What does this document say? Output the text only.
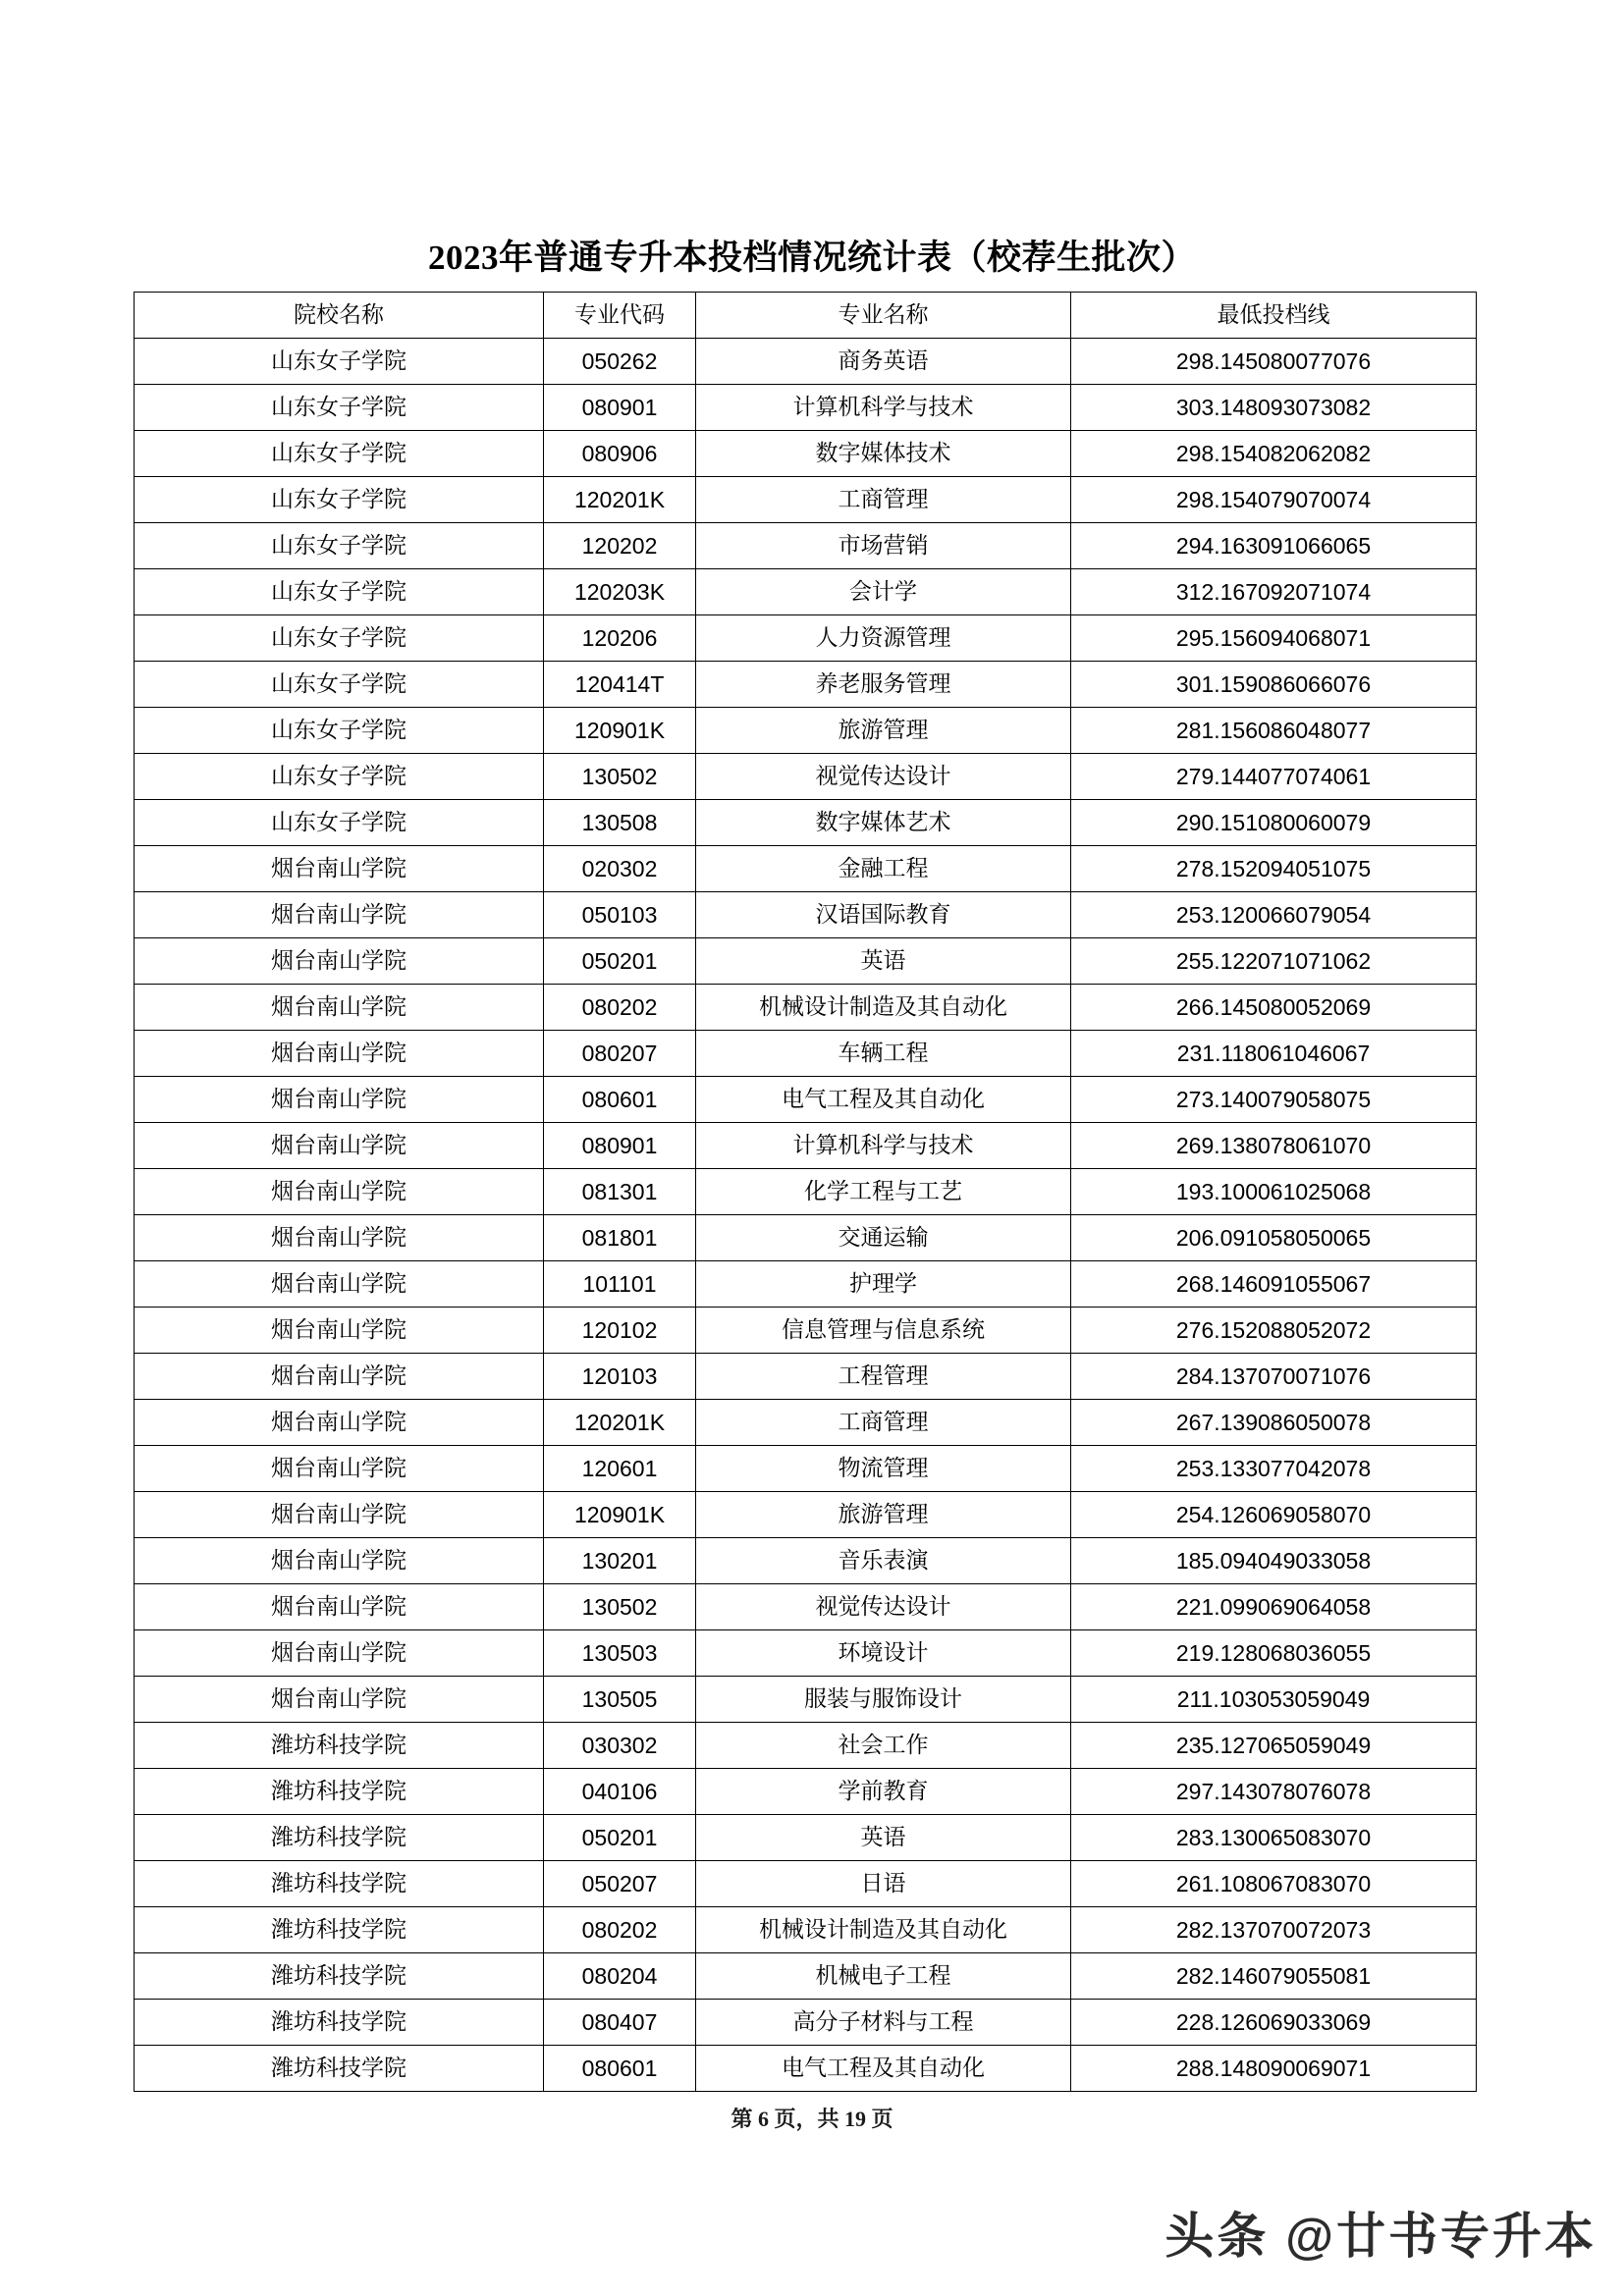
2023年普通专升本投档情况统计表（校荐生批次）
院校名称	专业代码	专业名称	最低投档线
山东女子学院	050262	商务英语	298.145080077076
山东女子学院	080901	计算机科学与技术	303.148093073082
山东女子学院	080906	数字媒体技术	298.154082062082
山东女子学院	120201K	工商管理	298.154079070074
山东女子学院	120202	市场营销	294.163091066065
山东女子学院	120203K	会计学	312.167092071074
山东女子学院	120206	人力资源管理	295.156094068071
山东女子学院	120414T	养老服务管理	301.159086066076
山东女子学院	120901K	旅游管理	281.156086048077
山东女子学院	130502	视觉传达设计	279.144077074061
山东女子学院	130508	数字媒体艺术	290.151080060079
烟台南山学院	020302	金融工程	278.152094051075
烟台南山学院	050103	汉语国际教育	253.120066079054
烟台南山学院	050201	英语	255.122071071062
烟台南山学院	080202	机械设计制造及其自动化	266.145080052069
烟台南山学院	080207	车辆工程	231.118061046067
烟台南山学院	080601	电气工程及其自动化	273.140079058075
烟台南山学院	080901	计算机科学与技术	269.138078061070
烟台南山学院	081301	化学工程与工艺	193.100061025068
烟台南山学院	081801	交通运输	206.091058050065
烟台南山学院	101101	护理学	268.146091055067
烟台南山学院	120102	信息管理与信息系统	276.152088052072
烟台南山学院	120103	工程管理	284.137070071076
烟台南山学院	120201K	工商管理	267.139086050078
烟台南山学院	120601	物流管理	253.133077042078
烟台南山学院	120901K	旅游管理	254.126069058070
烟台南山学院	130201	音乐表演	185.094049033058
烟台南山学院	130502	视觉传达设计	221.099069064058
烟台南山学院	130503	环境设计	219.128068036055
烟台南山学院	130505	服装与服饰设计	211.103053059049
潍坊科技学院	030302	社会工作	235.127065059049
潍坊科技学院	040106	学前教育	297.143078076078
潍坊科技学院	050201	英语	283.130065083070
潍坊科技学院	050207	日语	261.108067083070
潍坊科技学院	080202	机械设计制造及其自动化	282.137070072073
潍坊科技学院	080204	机械电子工程	282.146079055081
潍坊科技学院	080407	高分子材料与工程	228.126069033069
潍坊科技学院	080601	电气工程及其自动化	288.148090069071
第 6 页，共 19 页
头条 @廿书专升本
